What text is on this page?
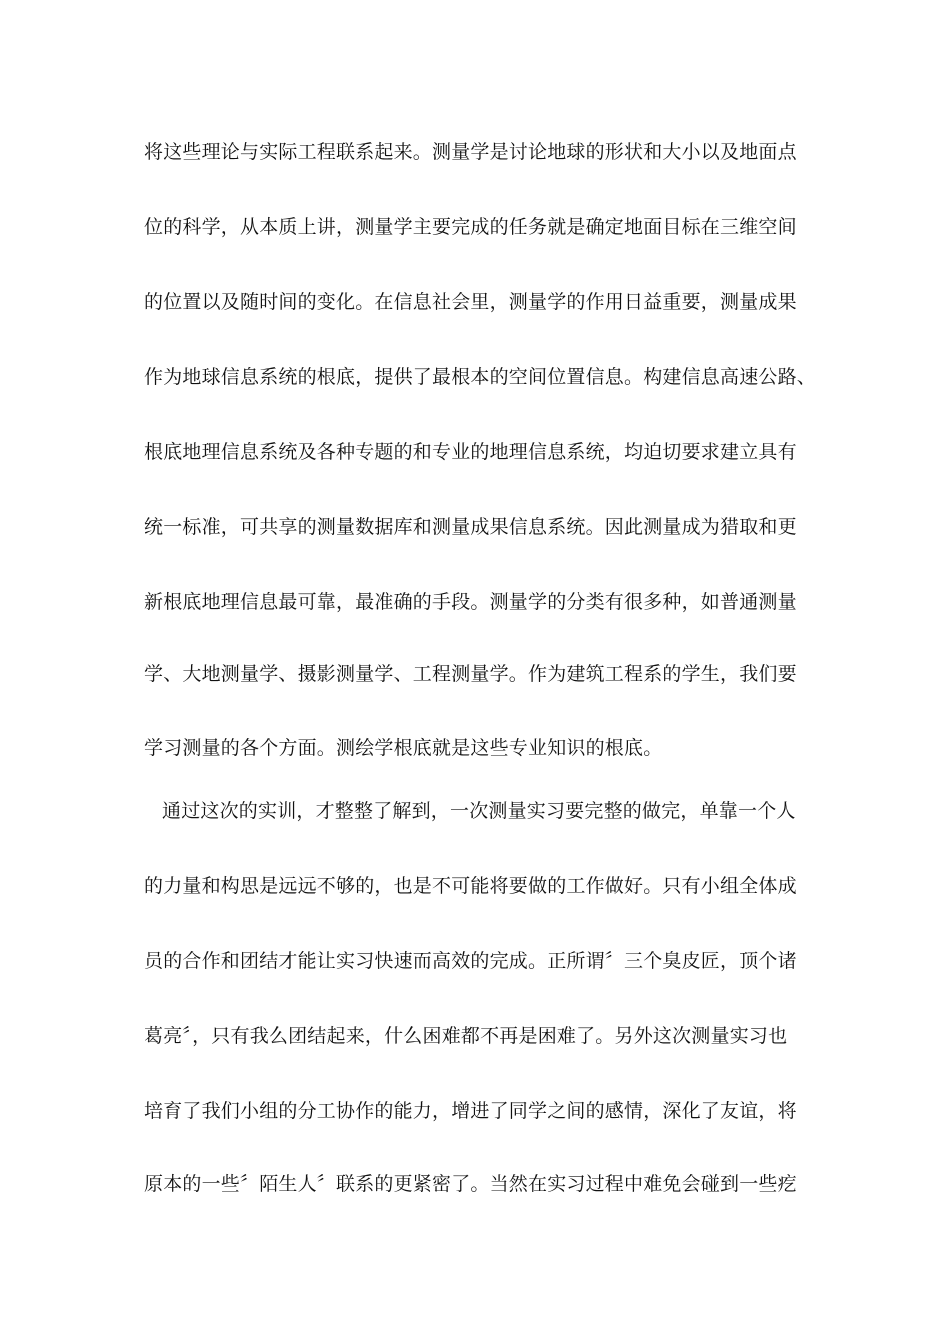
将这些理论与实际工程联系起来。测量学是讨论地球的形状和大小以及地面点
位的科学，从本质上讲，测量学主要完成的任务就是确定地面目标在三维空间
的位置以及随时间的变化。在信息社会里，测量学的作用日益重要，测量成果
作为地球信息系统的根底，提供了最根本的空间位置信息。构建信息高速公路、
根底地理信息系统及各种专题的和专业的地理信息系统，均迫切要求建立具有
统一标准，可共享的测量数据库和测量成果信息系统。因此测量成为猎取和更
新根底地理信息最可靠，最准确的手段。测量学的分类有很多种，如普通测量
学、大地测量学、摄影测量学、工程测量学。作为建筑工程系的学生，我们要
学习测量的各个方面。测绘学根底就是这些专业知识的根底。
通过这次的实训，才整整了解到，一次测量实习要完整的做完，单靠一个人
的力量和构思是远远不够的，也是不可能将要做的工作做好。只有小组全体成
员的合作和团结才能让实习快速而高效的完成。正所谓〞三个臭皮匠，顶个诸
葛亮〞，只有我么团结起来，什么困难都不再是困难了。另外这次测量实习也
培育了我们小组的分工协作的能力，增进了同学之间的感情，深化了友谊，将
原本的一些〞陌生人〞联系的更紧密了。当然在实习过程中难免会碰到一些疙
